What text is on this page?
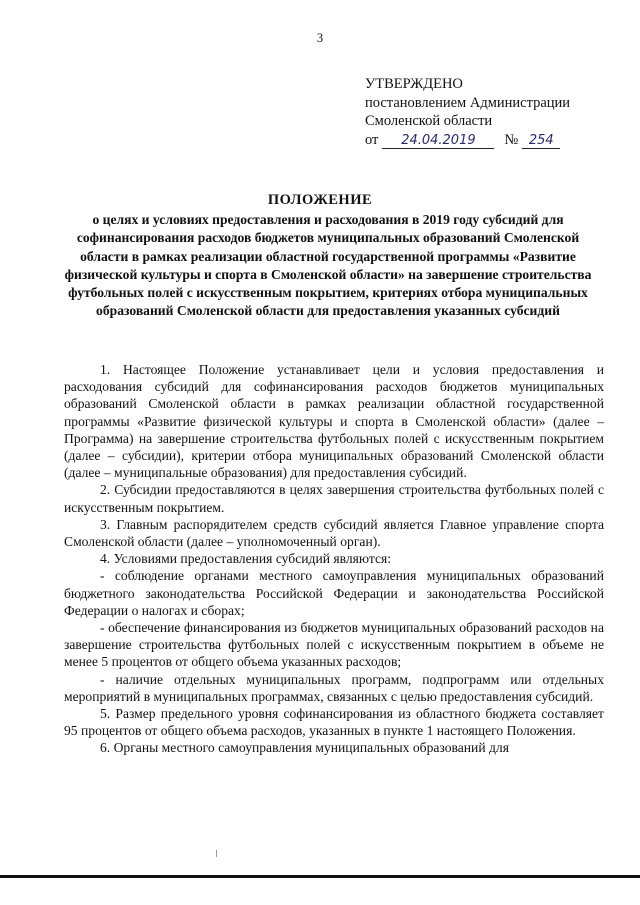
3
УТВЕРЖДЕНО
постановлением Администрации
Смоленской области
от	24.04.2019	№ 254
ПОЛОЖЕНИЕ
о целях и условиях предоставления и расходования в 2019 году субсидий для софинансирования расходов бюджетов муниципальных образований Смоленской области в рамках реализации областной государственной программы «Развитие физической культуры и спорта в Смоленской области» на завершение строительства футбольных полей с искусственным покрытием, критериях отбора муниципальных образований Смоленской области для предоставления указанных субсидий

1. Настоящее Положение устанавливает цели и условия предоставления и расходования субсидий для софинансирования расходов бюджетов муниципальных образований Смоленской области в рамках реализации областной государственной программы «Развитие физической культуры и спорта в Смоленской области» (далее – Программа) на завершение строительства футбольных полей с искусственным покрытием (далее – субсидии), критерии отбора муниципальных образований Смоленской области (далее – муниципальные образования) для предоставления субсидий.

2. Субсидии предоставляются в целях завершения строительства футбольных полей с искусственным покрытием.

3. Главным распорядителем средств субсидий является Главное управление спорта Смоленской области (далее – уполномоченный орган).

4. Условиями предоставления субсидий являются:

- соблюдение органами местного самоуправления муниципальных образований бюджетного законодательства Российской Федерации и законодательства Российской Федерации о налогах и сборах;

- обеспечение финансирования из бюджетов муниципальных образований расходов на завершение строительства футбольных полей с искусственным покрытием в объеме не менее 5 процентов от общего объема указанных расходов;

- наличие отдельных муниципальных программ, подпрограмм или отдельных мероприятий в муниципальных программах, связанных с целью предоставления субсидий.

5. Размер предельного уровня софинансирования из областного бюджета составляет 95 процентов от общего объема расходов, указанных в пункте 1 настоящего Положения.

6. Органы местного самоуправления муниципальных образований для
